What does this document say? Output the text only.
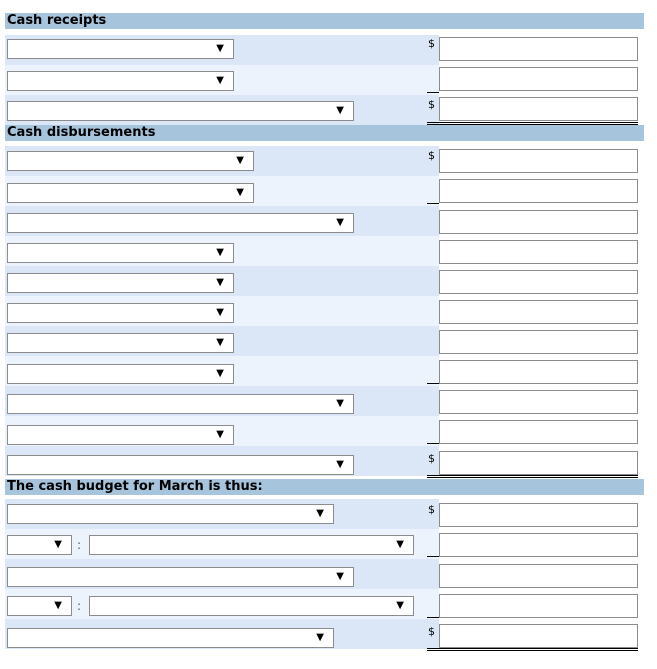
Cash receipts
▼	$
▼
▼	$
Cash disbursements
▼	$
▼
▼
▼
▼
▼
▼
▼
▼
▼
▼	$
The cash budget for March is thus:
▼	$
▼ :	▼
▼
▼ :	▼
▼	$
